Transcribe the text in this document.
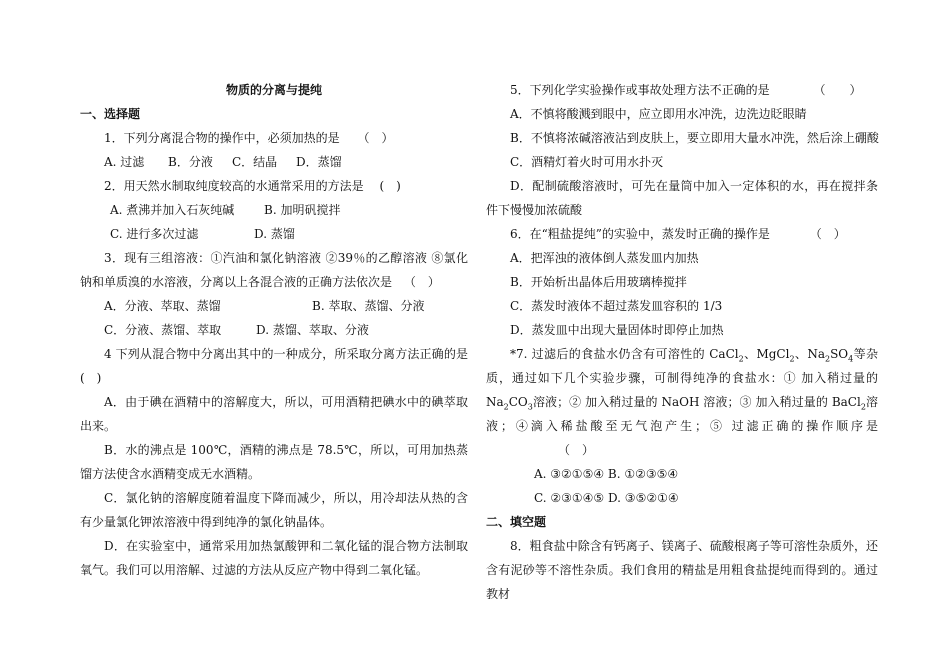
物质的分离与提纯
一、选择题
1．下列分离混合物的操作中，必须加热的是 （　）
A. 过滤 B．分液 C．结晶 D．蒸馏
2．用天然水制取纯度较高的水通常采用的方法是 (　)
A. 煮沸并加入石灰纯碱 B. 加明矾搅拌
C. 进行多次过滤	D. 蒸馏
3．现有三组溶液：①汽油和氯化钠溶液 ②39％的乙醇溶液 ⑧氯化钠和单质溴的水溶液，分离以上各混合液的正确方法依次是 （　）
A．分液、萃取、蒸馏	B. 萃取、蒸馏、分液
C．分液、蒸馏、萃取	D. 蒸馏、萃取、分液
4 下列从混合物中分离出其中的一种成分，所采取分离方法正确的是(　)
A．由于碘在酒精中的溶解度大，所以，可用酒精把碘水中的碘萃取出来。
B．水的沸点是 100℃，酒精的沸点是 78.5℃，所以，可用加热蒸馏方法使含水酒精变成无水酒精。
C．氯化钠的溶解度随着温度下降而减少，所以，用冷却法从热的含有少量氯化钾浓溶液中得到纯净的氯化钠晶体。
D．在实验室中，通常采用加热氯酸钾和二氧化锰的混合物方法制取氧气。我们可以用溶解、过滤的方法从反应产物中得到二氧化锰。
5．下列化学实验操作或事故处理方法不正确的是	（　　）
A．不慎将酸溅到眼中，应立即用水冲洗，边洗边眨眼睛
B．不慎将浓碱溶液沾到皮肤上，要立即用大量水冲洗，然后涂上硼酸
C．酒精灯着火时可用水扑灭
D．配制硫酸溶液时，可先在量筒中加入一定体积的水，再在搅拌条件下慢慢加浓硫酸
6．在“粗盐提纯”的实验中，蒸发时正确的操作是	（　）
A．把浑浊的液体倒人蒸发皿内加热
B．开始析出晶体后用玻璃棒搅拌
C．蒸发时液体不超过蒸发皿容积的 1/3
D．蒸发皿中出现大量固体时即停止加热
*7. 过滤后的食盐水仍含有可溶性的 CaCl$_2$、MgCl$_2$、$Na_2SO_4$等杂质，通过如下几个实验步骤，可制得纯净的食盐水：① 加入稍过量的 $Na_2CO_3$溶液；② 加入稍过量的 NaOH 溶液；③ 加入稍过量的 BaCl$_2$溶液；④滴入稀盐酸至无气泡产生；⑤ 过滤正确的操作顺序是（　）
A. ③②①⑤④ B. ①②③⑤④
C. ②③①④⑤ D. ③⑤②①④
二、填空题
8．粗食盐中除含有钙离子、镁离子、硫酸根离子等可溶性杂质外，还含有泥砂等不溶性杂质。我们食用的精盐是用粗食盐提纯而得到的。通过教材
